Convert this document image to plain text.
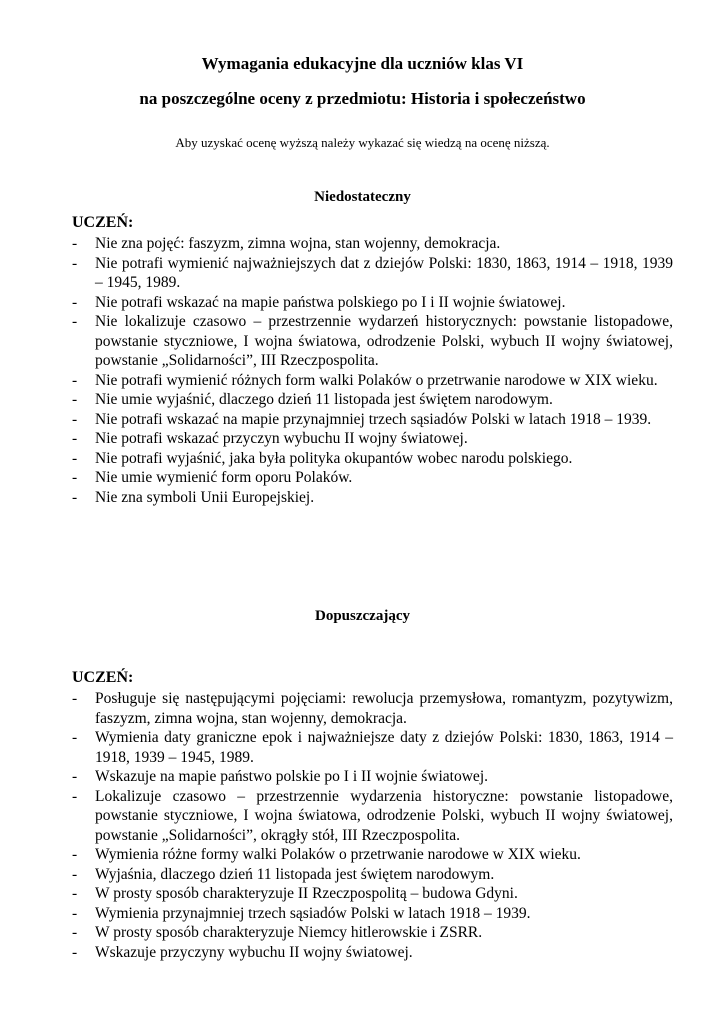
Wymagania edukacyjne dla uczniów klas VI
na poszczególne oceny z przedmiotu: Historia i społeczeństwo
Aby uzyskać ocenę wyższą należy wykazać się wiedzą na ocenę niższą.
Niedostateczny
UCZEŃ:
- Nie zna pojęć: faszyzm, zimna wojna, stan wojenny, demokracja.
- Nie potrafi wymienić najważniejszych dat z dziejów Polski: 1830, 1863, 1914 – 1918, 1939 – 1945, 1989.
- Nie potrafi wskazać na mapie państwa polskiego po I i II wojnie światowej.
- Nie lokalizuje czasowo – przestrzennie wydarzeń historycznych: powstanie listopadowe, powstanie styczniowe, I wojna światowa, odrodzenie Polski, wybuch II wojny światowej, powstanie „Solidarności”, III Rzeczpospolita.
- Nie potrafi wymienić różnych form walki Polaków o przetrwanie narodowe w XIX wieku.
- Nie umie wyjaśnić, dlaczego dzień 11 listopada jest świętem narodowym.
- Nie potrafi wskazać na mapie przynajmniej trzech sąsiadów Polski w latach 1918 – 1939.
- Nie potrafi wskazać przyczyn wybuchu II wojny światowej.
- Nie potrafi wyjaśnić, jaka była polityka okupantów wobec narodu polskiego.
- Nie umie wymienić form oporu Polaków.
- Nie zna symboli Unii Europejskiej.
Dopuszczający
UCZEŃ:
- Posługuje się następującymi pojęciami: rewolucja przemysłowa, romantyzm, pozytywizm, faszyzm, zimna wojna, stan wojenny, demokracja.
- Wymienia daty graniczne epok i najważniejsze daty z dziejów Polski: 1830, 1863, 1914 – 1918, 1939 – 1945, 1989.
- Wskazuje na mapie państwo polskie po I i II wojnie światowej.
- Lokalizuje czasowo – przestrzennie wydarzenia historyczne: powstanie listopadowe, powstanie styczniowe, I wojna światowa, odrodzenie Polski, wybuch II wojny światowej, powstanie „Solidarności”, okrągły stół, III Rzeczpospolita.
- Wymienia różne formy walki Polaków o przetrwanie narodowe w XIX wieku.
- Wyjaśnia, dlaczego dzień 11 listopada jest świętem narodowym.
- W prosty sposób charakteryzuje II Rzeczpospolitą – budowa Gdyni.
- Wymienia przynajmniej trzech sąsiadów Polski w latach 1918 – 1939.
- W prosty sposób charakteryzuje Niemcy hitlerowskie i ZSRR.
- Wskazuje przyczyny wybuchu II wojny światowej.
